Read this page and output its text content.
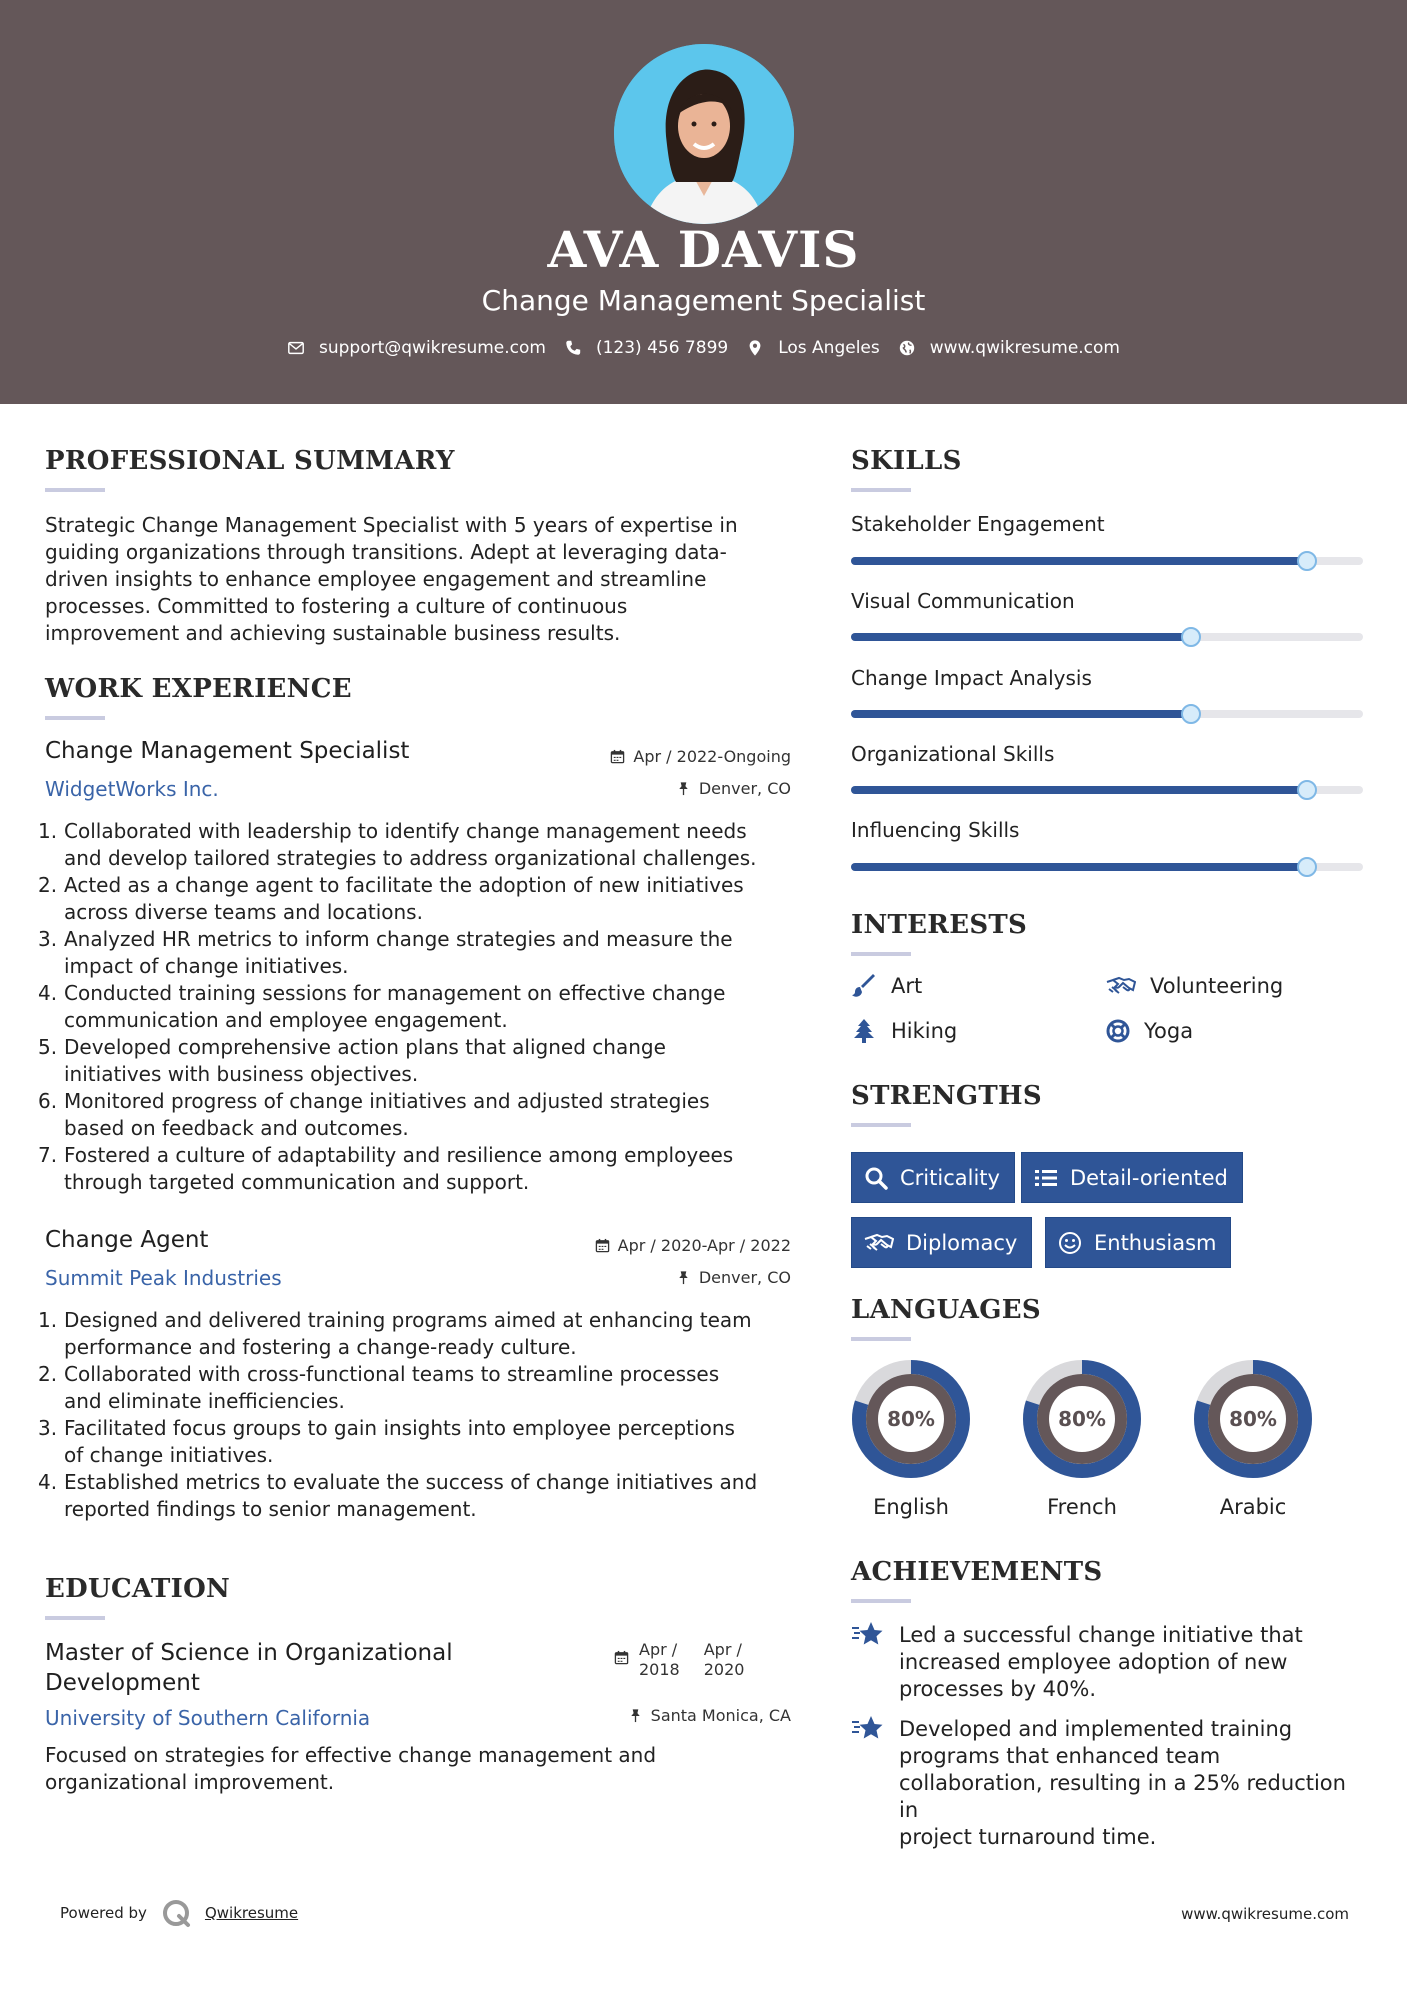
AVA DAVIS
Change Management Specialist
support@qwikresume.com	(123) 456 7899	Los Angeles	www.qwikresume.com
PROFESSIONAL SUMMARY
Strategic Change Management Specialist with 5 years of expertise in
guiding organizations through transitions. Adept at leveraging data-
driven insights to enhance employee engagement and streamline
processes. Committed to fostering a culture of continuous
improvement and achieving sustainable business results.
WORK EXPERIENCE
Change Management Specialist	Apr / 2022-Ongoing
WidgetWorks Inc.	Denver, CO
1. Collaborated with leadership to identify change management needs
and develop tailored strategies to address organizational challenges.
2. Acted as a change agent to facilitate the adoption of new initiatives
across diverse teams and locations.
3. Analyzed HR metrics to inform change strategies and measure the
impact of change initiatives.
4. Conducted training sessions for management on effective change
communication and employee engagement.
5. Developed comprehensive action plans that aligned change
initiatives with business objectives.
6. Monitored progress of change initiatives and adjusted strategies
based on feedback and outcomes.
7. Fostered a culture of adaptability and resilience among employees
through targeted communication and support.
Change Agent	Apr / 2020-Apr / 2022
Summit Peak Industries	Denver, CO
1. Designed and delivered training programs aimed at enhancing team
performance and fostering a change-ready culture.
2. Collaborated with cross-functional teams to streamline processes
and eliminate inefficiencies.
3. Facilitated focus groups to gain insights into employee perceptions
of change initiatives.
4. Established metrics to evaluate the success of change initiatives and
reported findings to senior management.
EDUCATION
Master of Science in Organizational
Development
Apr /
2018
Apr /
2020
University of Southern California	Santa Monica, CA
Focused on strategies for effective change management and
organizational improvement.
SKILLS
Stakeholder Engagement
Visual Communication
Change Impact Analysis
Organizational Skills
Influencing Skills
INTERESTS
Art	Volunteering
Hiking	Yoga
STRENGTHS
Criticality	Detail-oriented
Diplomacy	Enthusiasm
LANGUAGES
80%
English
80%
French
80%
Arabic
ACHIEVEMENTS
Led a successful change initiative that
increased employee adoption of new
processes by 40%.
Developed and implemented training
programs that enhanced team
collaboration, resulting in a 25% reduction in
project turnaround time.
Powered by	Qwikresume	www.qwikresume.com
